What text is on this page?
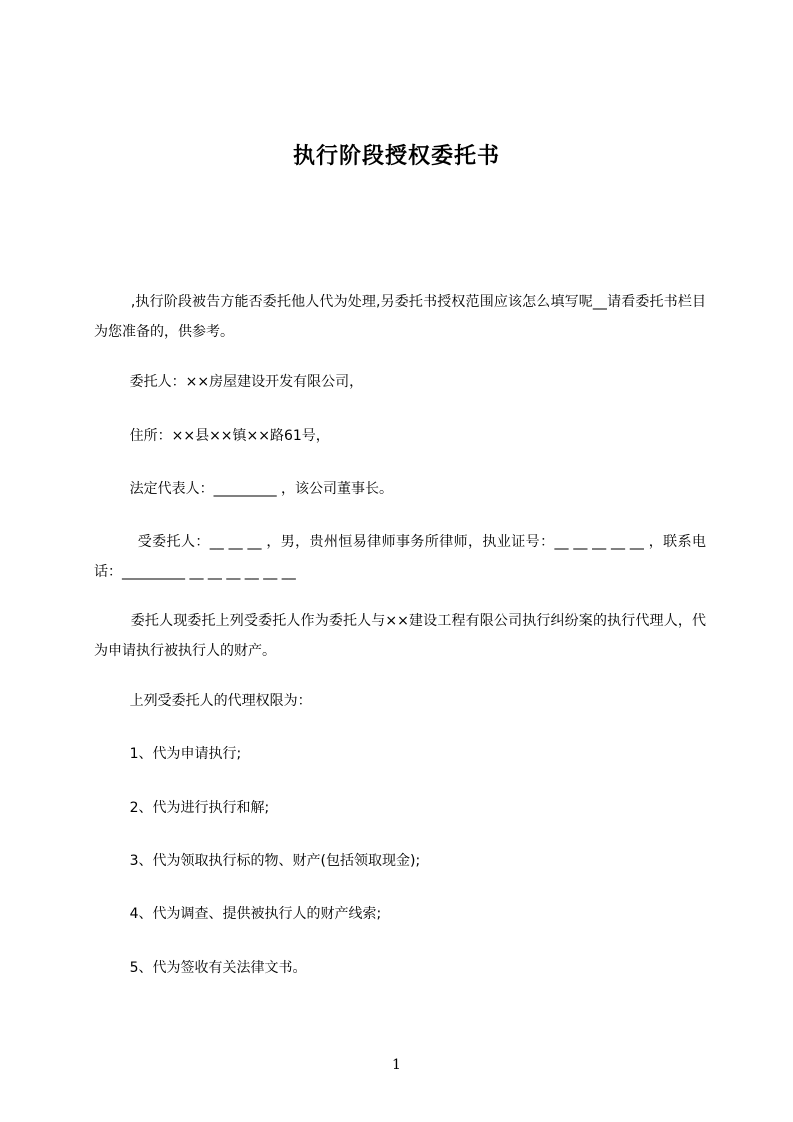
执行阶段授权委托书
,执行阶段被告方能否委托他人代为处理,另委托书授权范围应该怎么填写呢__请看委托书栏目为您准备的，供参考。
委托人：××房屋建设开发有限公司，
住所：××县××镇××路61号，
法定代表人：_________ ，该公司董事长。
受委托人：__ __ __ ，男，贵州恒易律师事务所律师，执业证号：__ __ __ __ __ ，联系电话：_________ __ __ __ __ __ __
委托人现委托上列受委托人作为委托人与××建设工程有限公司执行纠纷案的执行代理人，代为申请执行被执行人的财产。
上列受委托人的代理权限为：
1、代为申请执行;
2、代为进行执行和解;
3、代为领取执行标的物、财产(包括领取现金);
4、代为调查、提供被执行人的财产线索;
5、代为签收有关法律文书。
1
